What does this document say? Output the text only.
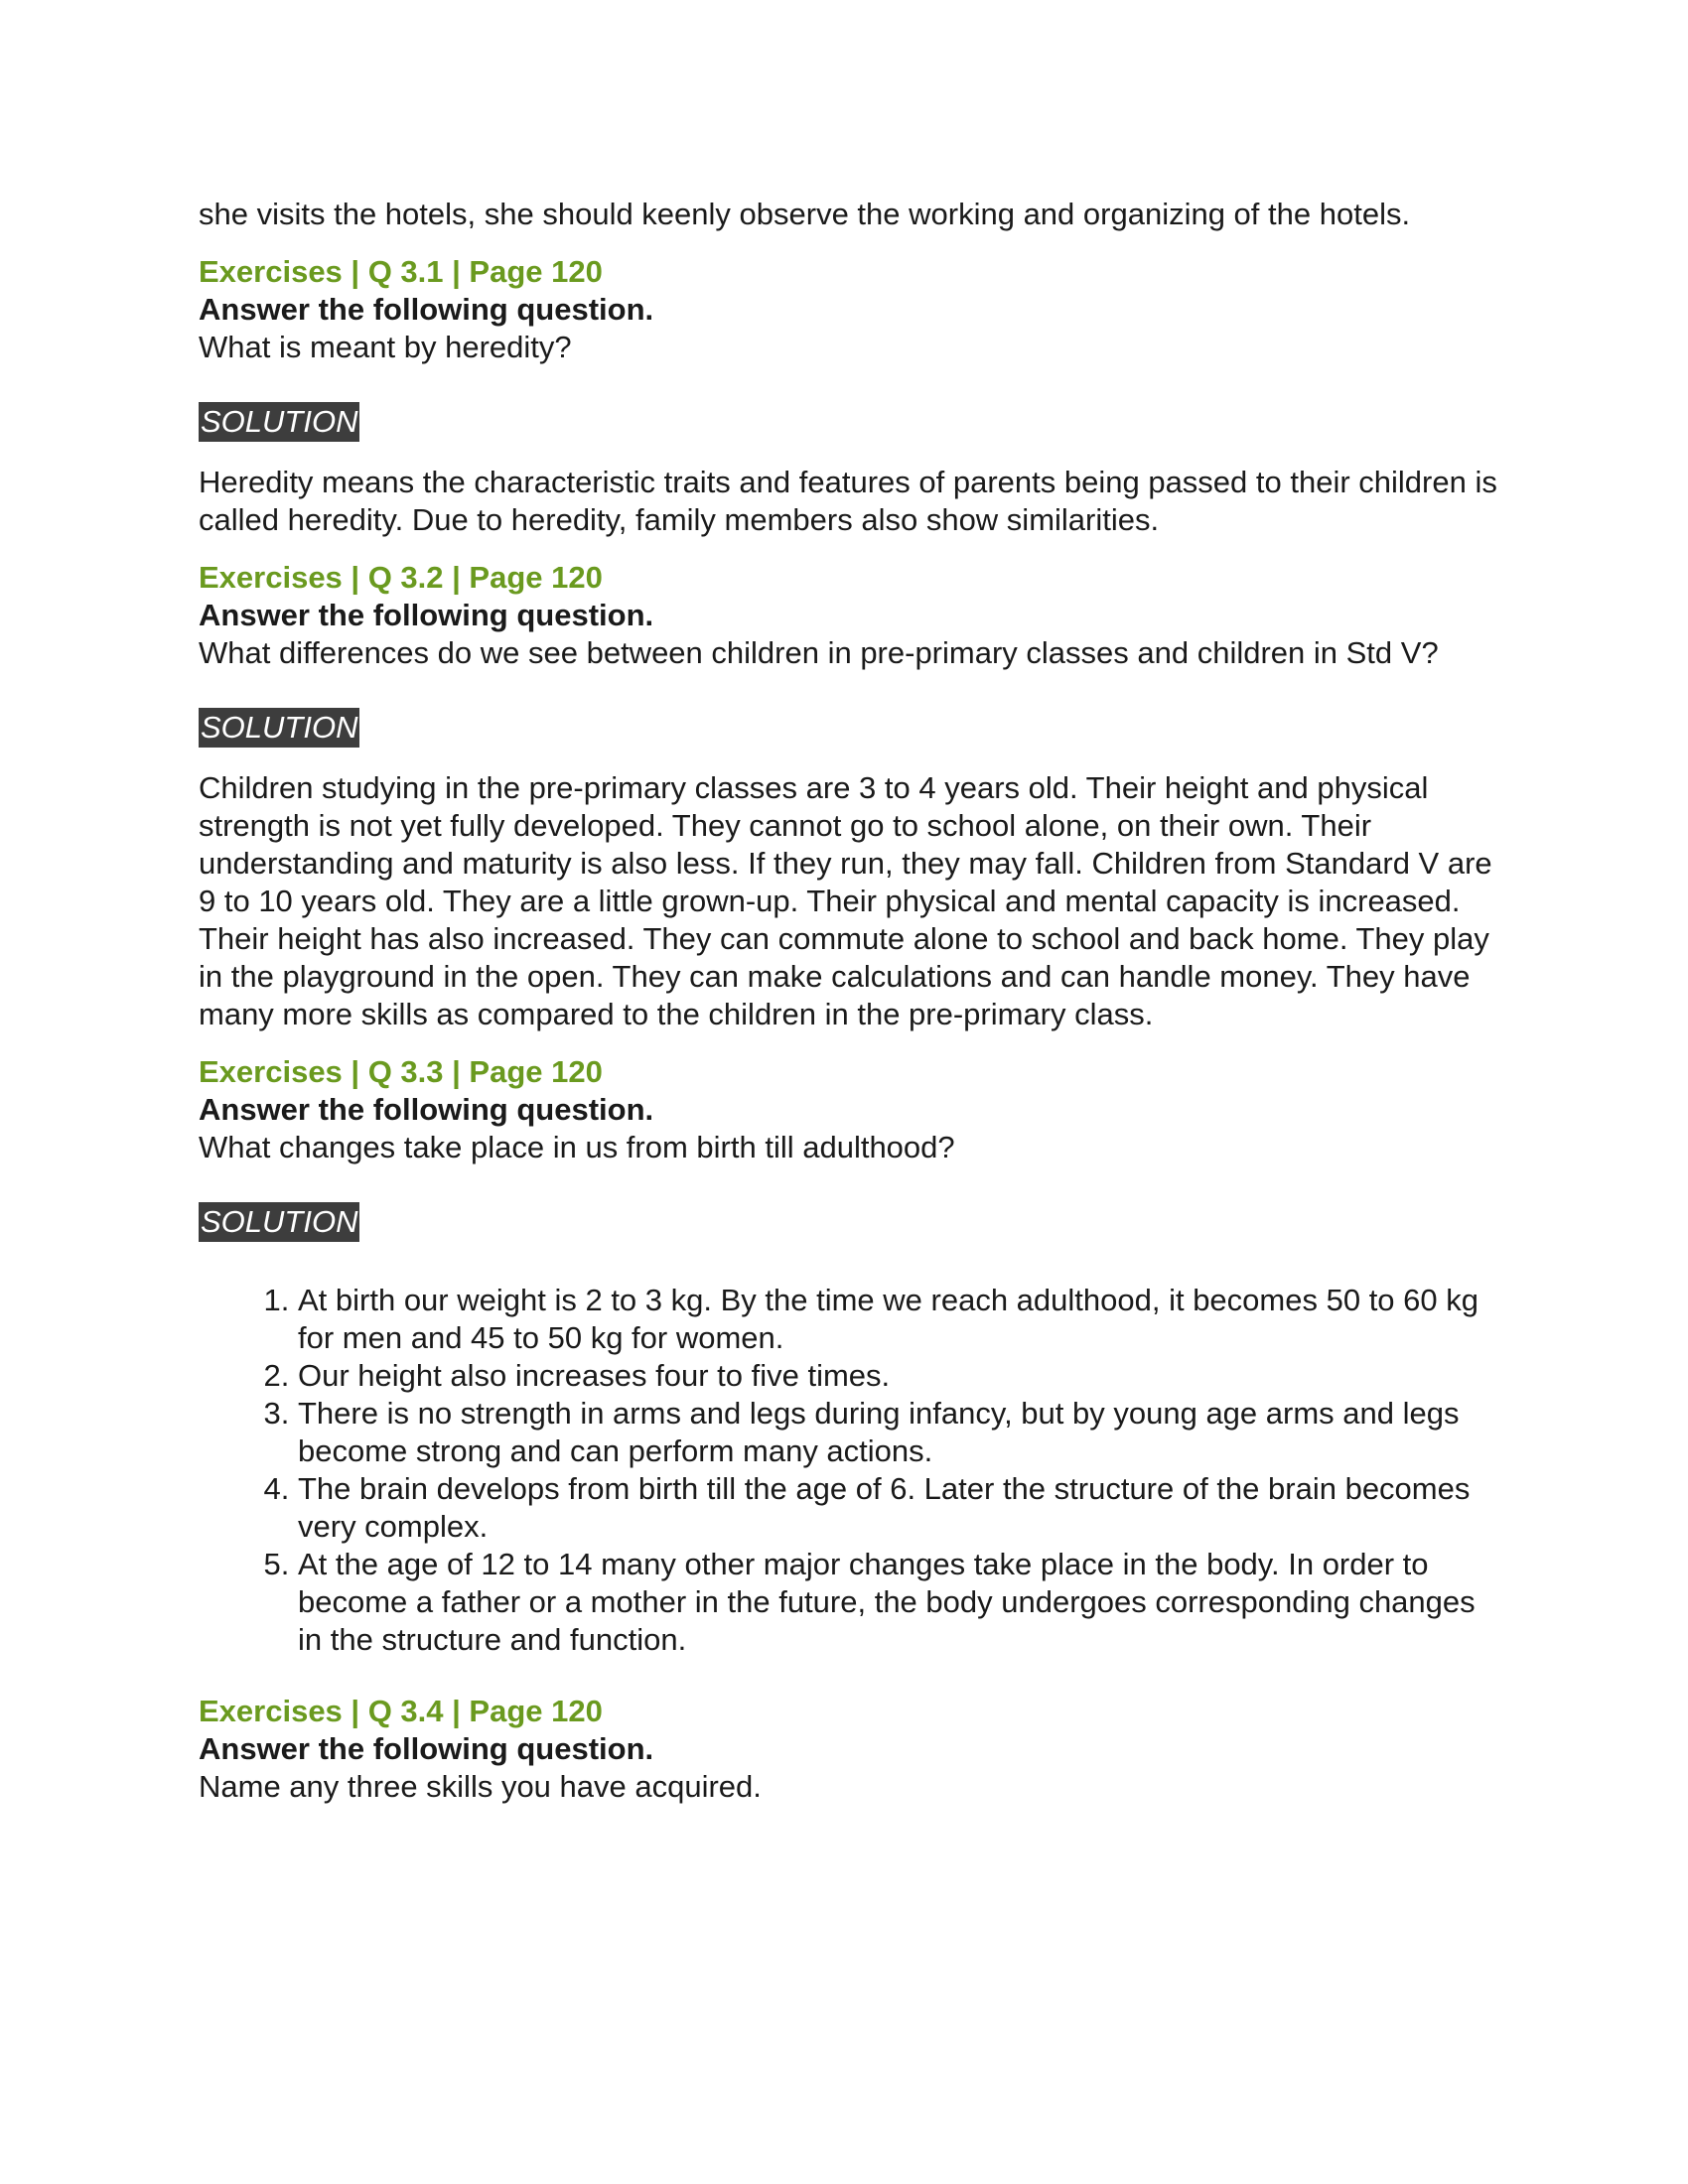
she visits the hotels, she should keenly observe the working and organizing of the hotels.

Exercises | Q 3.1 | Page 120

Answer the following question.

What is meant by heredity?

SOLUTION

Heredity means the characteristic traits and features of parents being passed to their children is called heredity. Due to heredity, family members also show similarities.

Exercises | Q 3.2 | Page 120

Answer the following question.

What differences do we see between children in pre-primary classes and children in Std V?

SOLUTION

Children studying in the pre-primary classes are 3 to 4 years old. Their height and physical strength is not yet fully developed. They cannot go to school alone, on their own. Their understanding and maturity is also less. If they run, they may fall. Children from Standard V are 9 to 10 years old. They are a little grown-up. Their physical and mental capacity is increased. Their height has also increased. They can commute alone to school and back home. They play in the playground in the open. They can make calculations and can handle money. They have many more skills as compared to the children in the pre-primary class.

Exercises | Q 3.3 | Page 120

Answer the following question.

What changes take place in us from birth till adulthood?

SOLUTION
1. At birth our weight is 2 to 3 kg. By the time we reach adulthood, it becomes 50 to 60 kg for men and 45 to 50 kg for women.
2. Our height also increases four to five times.
3. There is no strength in arms and legs during infancy, but by young age arms and legs become strong and can perform many actions.
4. The brain develops from birth till the age of 6. Later the structure of the brain becomes very complex.
5. At the age of 12 to 14 many other major changes take place in the body. In order to become a father or a mother in the future, the body undergoes corresponding changes in the structure and function.

Exercises | Q 3.4 | Page 120

Answer the following question.

Name any three skills you have acquired.
